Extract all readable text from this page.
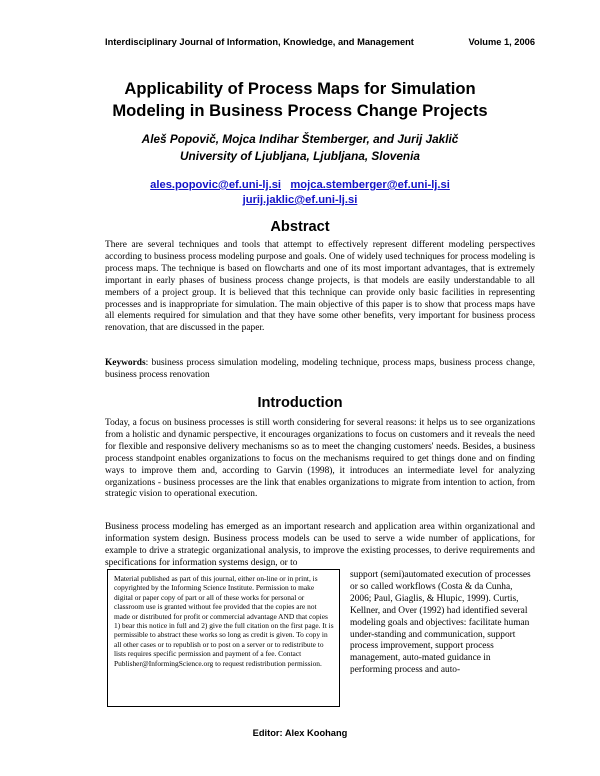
Interdisciplinary Journal of Information, Knowledge, and Management	Volume 1, 2006
Applicability of Process Maps for Simulation
Modeling in Business Process Change Projects
Aleš Popovič, Mojca Indihar Štemberger, and Jurij Jaklič
University of Ljubljana, Ljubljana, Slovenia
ales.popovic@ef.uni-lj.si mojca.stemberger@ef.uni-lj.si
jurij.jaklic@ef.uni-lj.si
Abstract
There are several techniques and tools that attempt to effectively represent different modeling perspectives according to business process modeling purpose and goals. One of widely used techniques for process modeling is process maps. The technique is based on flowcharts and one of its most important advantages, that is extremely important in early phases of business process change projects, is that models are easily understandable to all members of a project group. It is believed that this technique can provide only basic facilities in representing processes and is inappropriate for simulation. The main objective of this paper is to show that process maps have all elements required for simulation and that they have some other benefits, very important for business process renovation, that are discussed in the paper.
Keywords: business process simulation modeling, modeling technique, process maps, business process change, business process renovation
Introduction
Today, a focus on business processes is still worth considering for several reasons: it helps us to see organizations from a holistic and dynamic perspective, it encourages organizations to focus on customers and it reveals the need for flexible and responsive delivery mechanisms so as to meet the changing customers' needs. Besides, a business process standpoint enables organizations to focus on the mechanisms required to get things done and on finding ways to improve them and, according to Garvin (1998), it introduces an intermediate level for analyzing organizations - business processes are the link that enables organizations to migrate from intention to action, from strategic vision to operational execution.
Business process modeling has emerged as an important research and application area within organizational and information system design. Business process models can be used to serve a wide number of applications, for example to drive a strategic organizational analysis, to improve the existing processes, to derive requirements and specifications for information systems design, or to
Material published as part of this journal, either on-line or in print, is copyrighted by the Informing Science Institute. Permission to make digital or paper copy of part or all of these works for personal or classroom use is granted without fee provided that the copies are not made or distributed for profit or commercial advantage AND that copies 1) bear this notice in full and 2) give the full citation on the first page. It is permissible to abstract these works so long as credit is given. To copy in all other cases or to republish or to post on a server or to redistribute to lists requires specific permission and payment of a fee. Contact Publisher@InformingScience.org to request redistribution permission.
support (semi)automated execution of processes or so called workflows (Costa & da Cunha, 2006; Paul, Giaglis, & Hlupic, 1999). Curtis, Kellner, and Over (1992) had identified several modeling goals and objectives: facilitate human under-standing and communication, support process improvement, support process management, auto-mated guidance in performing process and auto-
Editor: Alex Koohang
